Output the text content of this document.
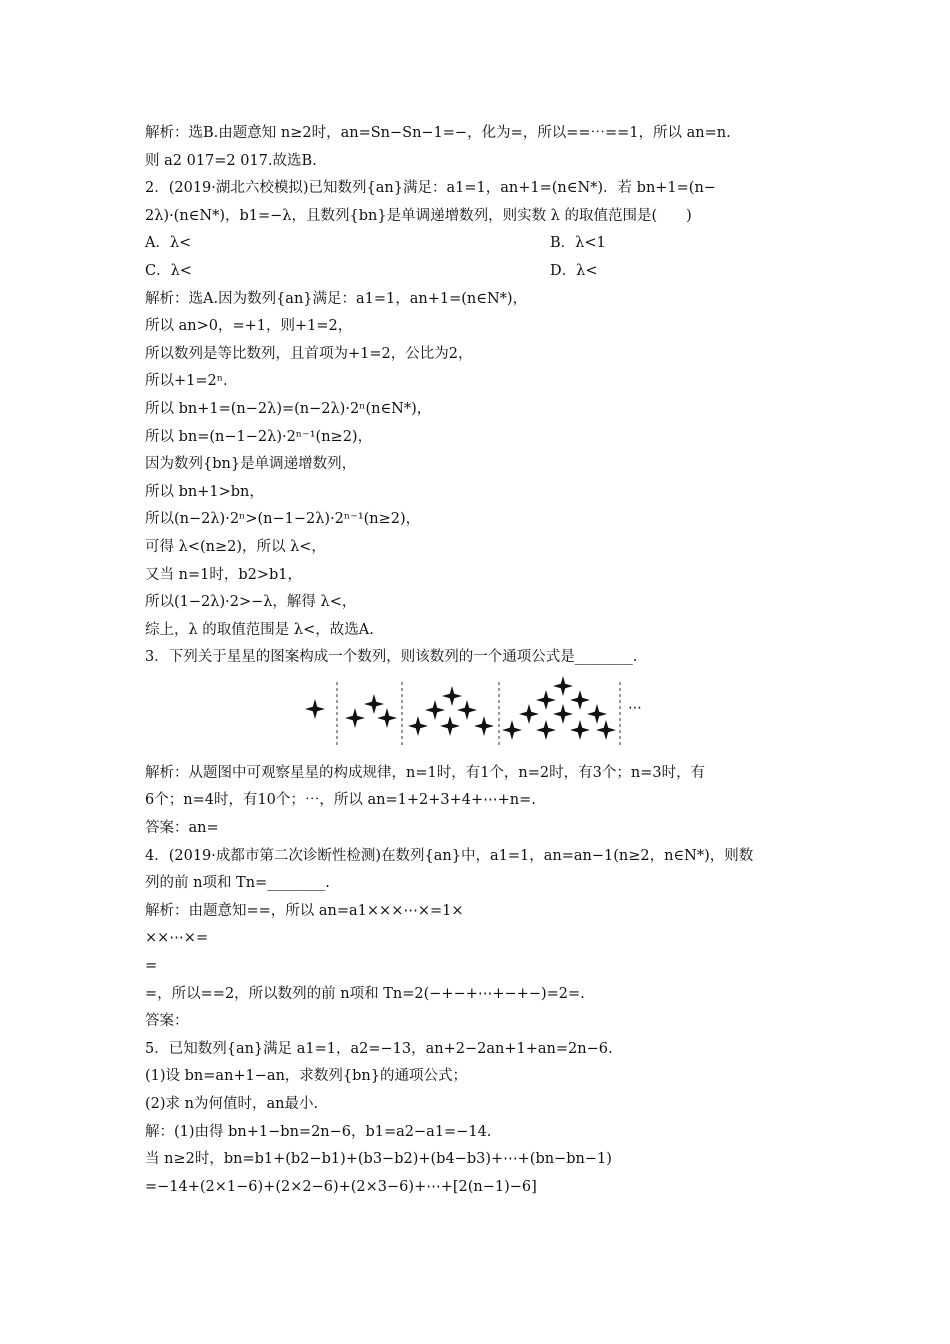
解析：选B.由题意知 n≥2时，an=Sn−Sn−1=−，化为=，所以==⋯==1，所以 an=n.
则 a2 017=2 017.故选B.
2．(2019·湖北六校模拟)已知数列{an}满足：a1=1，an+1=(n∈N*)．若 bn+1=(n−
2λ)·(n∈N*)，b1=−λ，且数列{bn}是单调递增数列，则实数 λ 的取值范围是(　　)
A．λ<	B．λ<1
C．λ<	D．λ<
解析：选A.因为数列{an}满足：a1=1，an+1=(n∈N*)，
所以 an>0，=+1，则+1=2，
所以数列是等比数列，且首项为+1=2，公比为2，
所以+1=2ⁿ.
所以 bn+1=(n−2λ)=(n−2λ)·2ⁿ(n∈N*)，
所以 bn=(n−1−2λ)·2ⁿ⁻¹(n≥2)，
因为数列{bn}是单调递增数列，
所以 bn+1>bn，
所以(n−2λ)·2ⁿ>(n−1−2λ)·2ⁿ⁻¹(n≥2)，
可得 λ<(n≥2)，所以 λ<，
又当 n=1时，b2>b1，
所以(1−2λ)·2>−λ，解得 λ<，
综上，λ 的取值范围是 λ<，故选A.
3．下列关于星星的图案构成一个数列，则该数列的一个通项公式是________.
⋯
解析：从题图中可观察星星的构成规律，n=1时，有1个，n=2时，有3个；n=3时，有
6个；n=4时，有10个；⋯，所以 an=1+2+3+4+⋯+n=.
答案：an=
4．(2019·成都市第二次诊断性检测)在数列{an}中，a1=1，an=an−1(n≥2，n∈N*)，则数
列的前 n项和 Tn=________.
解析：由题意知==，所以 an=a1×××⋯×=1×
××⋯×=
=
=，所以==2，所以数列的前 n项和 Tn=2(−+−+⋯+−+−)=2=.
答案：
5．已知数列{an}满足 a1=1，a2=−13，an+2−2an+1+an=2n−6.
(1)设 bn=an+1−an，求数列{bn}的通项公式；
(2)求 n为何值时，an最小.
解：(1)由得 bn+1−bn=2n−6，b1=a2−a1=−14.
当 n≥2时，bn=b1+(b2−b1)+(b3−b2)+(b4−b3)+⋯+(bn−bn−1)
=−14+(2×1−6)+(2×2−6)+(2×3−6)+⋯+[2(n−1)−6]
